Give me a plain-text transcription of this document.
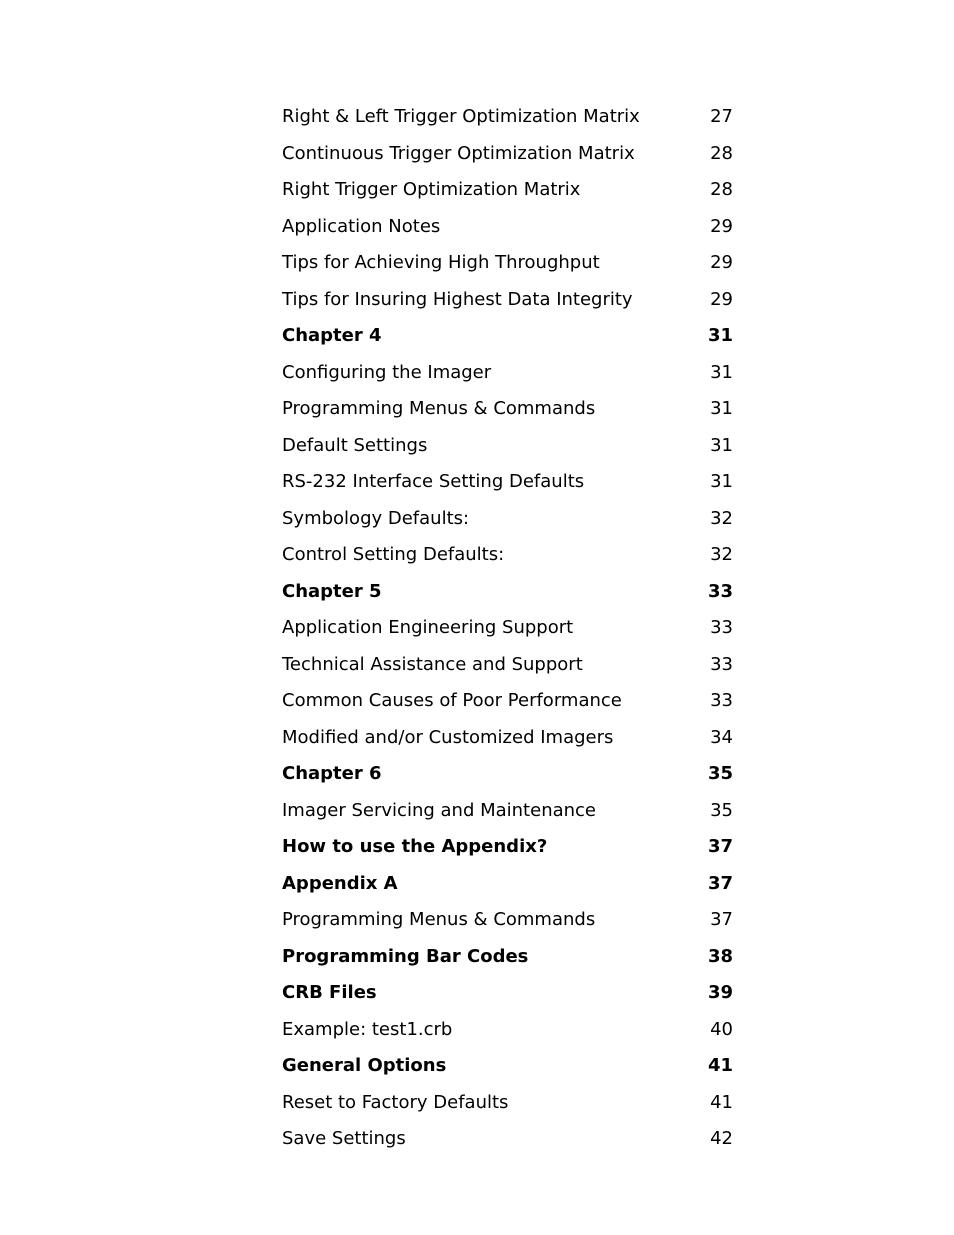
Right & Left Trigger Optimization Matrix	27
Continuous Trigger Optimization Matrix	28
Right Trigger Optimization Matrix	28
Application Notes	29
Tips for Achieving High Throughput	29
Tips for Insuring Highest Data Integrity	29
Chapter 4	31
Configuring the Imager	31
Programming Menus & Commands	31
Default Settings	31
RS-232 Interface Setting Defaults	31
Symbology Defaults:	32
Control Setting Defaults:	32
Chapter 5	33
Application Engineering Support	33
Technical Assistance and Support	33
Common Causes of Poor Performance	33
Modified and/or Customized Imagers	34
Chapter 6	35
Imager Servicing and Maintenance	35
How to use the Appendix?	37
Appendix A	37
Programming Menus & Commands	37
Programming Bar Codes	38
CRB Files	39
Example: test1.crb	40
General Options	41
Reset to Factory Defaults	41
Save Settings	42
